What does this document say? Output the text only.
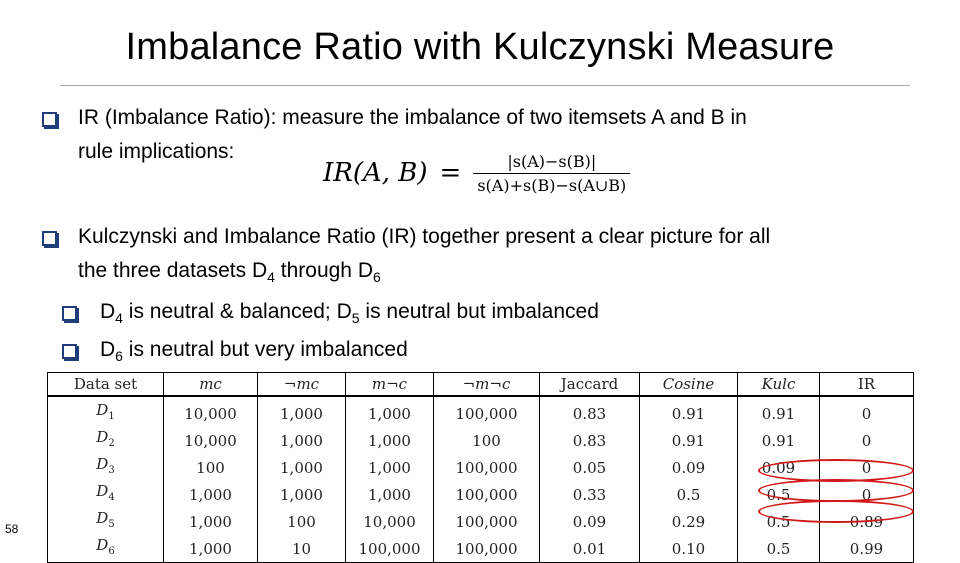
Imbalance Ratio with Kulczynski Measure
IR (Imbalance Ratio): measure the imbalance of two itemsets A and B in
rule implications:
IR(A, $B) = \frac{|s(A)-s(B)|}{s(A)+s(B)-s(A\cup B)}$
Kulczynski and Imbalance Ratio (IR) together present a clear picture for all
the three datasets $D_4$ through $D_6$
$D_4$ is neutral & balanced; $D_5$ is neutral but imbalanced
$D_6$ is neutral but very imbalanced
Data set	mc	¬mc	m¬c	¬m¬c	Jaccard	Cosine	Kulc	IR
$D_1$	10,000	1,000	1,000	100,000	0.83	0.91	0.91	0
$D_2$	10,000	1,000	1,000	100	0.83	0.91	0.91	0
$D_3$	100	1,000	1,000	100,000	0.05	0.09	0.09	0
$D_4$	1,000	1,000	1,000	100,000	0.33	0.5	0.5	0
$D_5$	1,000	100	10,000	100,000	0.09	0.29	0.5	0.89
$D_6$	1,000	10	100,000	100,000	0.01	0.10	0.5	0.99
58
